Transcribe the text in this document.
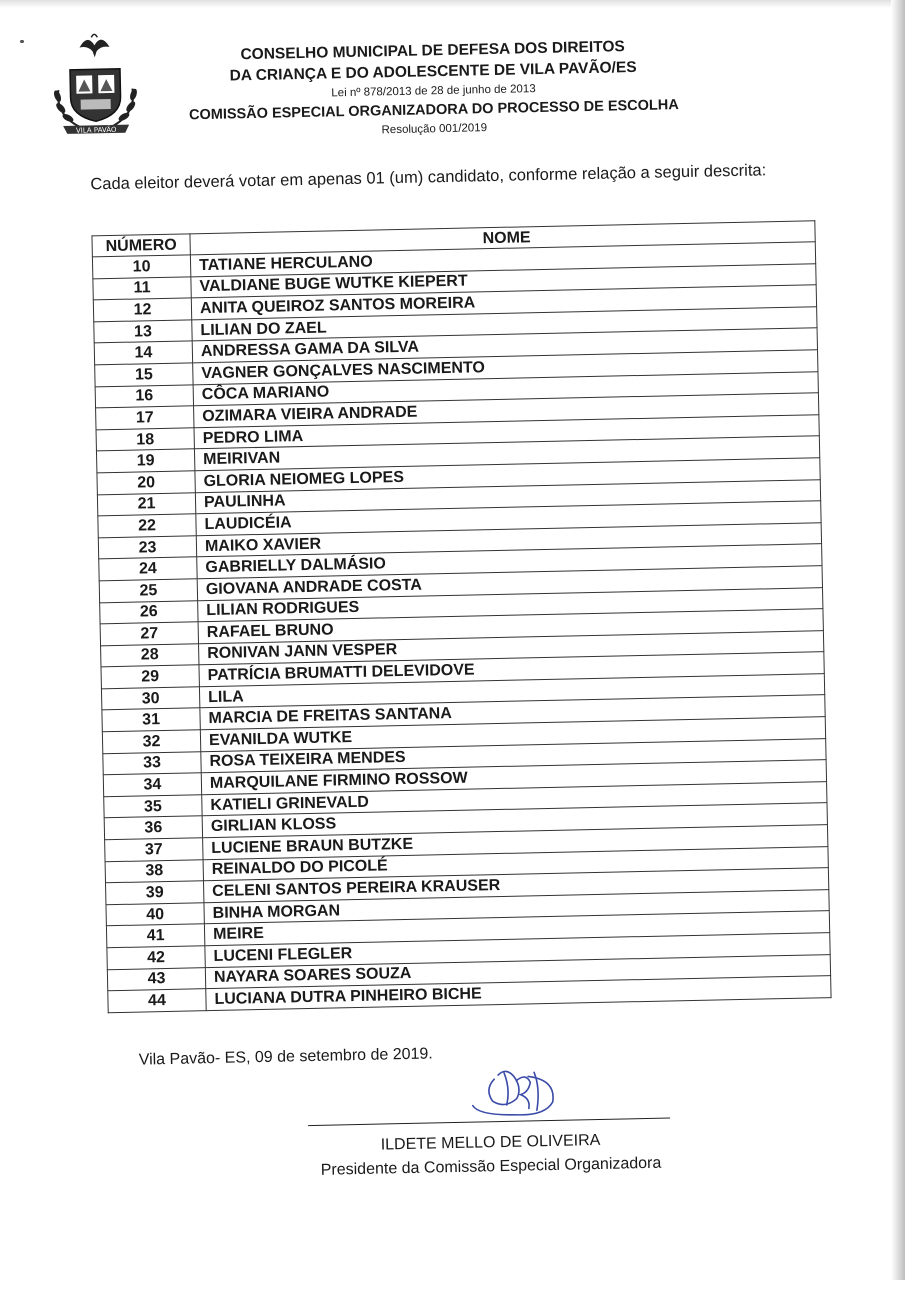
VILA PAVÃO

CONSELHO MUNICIPAL DE DEFESA DOS DIREITOS

DA CRIANÇA E DO ADOLESCENTE DE VILA PAVÃO/ES

Lei nº 878/2013 de 28 de junho de 2013

COMISSÃO ESPECIAL ORGANIZADORA DO PROCESSO DE ESCOLHA

Resolução 001/2019

Cada eleitor deverá votar em apenas 01 (um) candidato, conforme relação a seguir descrita:
NÚMERO	NOME
10	TATIANE HERCULANO
11	VALDIANE BUGE WUTKE KIEPERT
12	ANITA QUEIROZ SANTOS MOREIRA
13	LILIAN DO ZAEL
14	ANDRESSA GAMA DA SILVA
15	VAGNER GONÇALVES NASCIMENTO
16	CÔCA MARIANO
17	OZIMARA VIEIRA ANDRADE
18	PEDRO LIMA
19	MEIRIVAN
20	GLORIA NEIOMEG LOPES
21	PAULINHA
22	LAUDICÉIA
23	MAIKO XAVIER
24	GABRIELLY DALMÁSIO
25	GIOVANA ANDRADE COSTA
26	LILIAN RODRIGUES
27	RAFAEL BRUNO
28	RONIVAN JANN VESPER
29	PATRÍCIA BRUMATTI DELEVIDOVE
30	LILA
31	MARCIA DE FREITAS SANTANA
32	EVANILDA WUTKE
33	ROSA TEIXEIRA MENDES
34	MARQUILANE FIRMINO ROSSOW
35	KATIELI GRINEVALD
36	GIRLIAN KLOSS
37	LUCIENE BRAUN BUTZKE
38	REINALDO DO PICOLÉ
39	CELENI SANTOS PEREIRA KRAUSER
40	BINHA MORGAN
41	MEIRE
42	LUCENI FLEGLER
43	NAYARA SOARES SOUZA
44	LUCIANA DUTRA PINHEIRO BICHE
Vila Pavão- ES, 09 de setembro de 2019.
ILDETE MELLO DE OLIVEIRA
Presidente da Comissão Especial Organizadora
